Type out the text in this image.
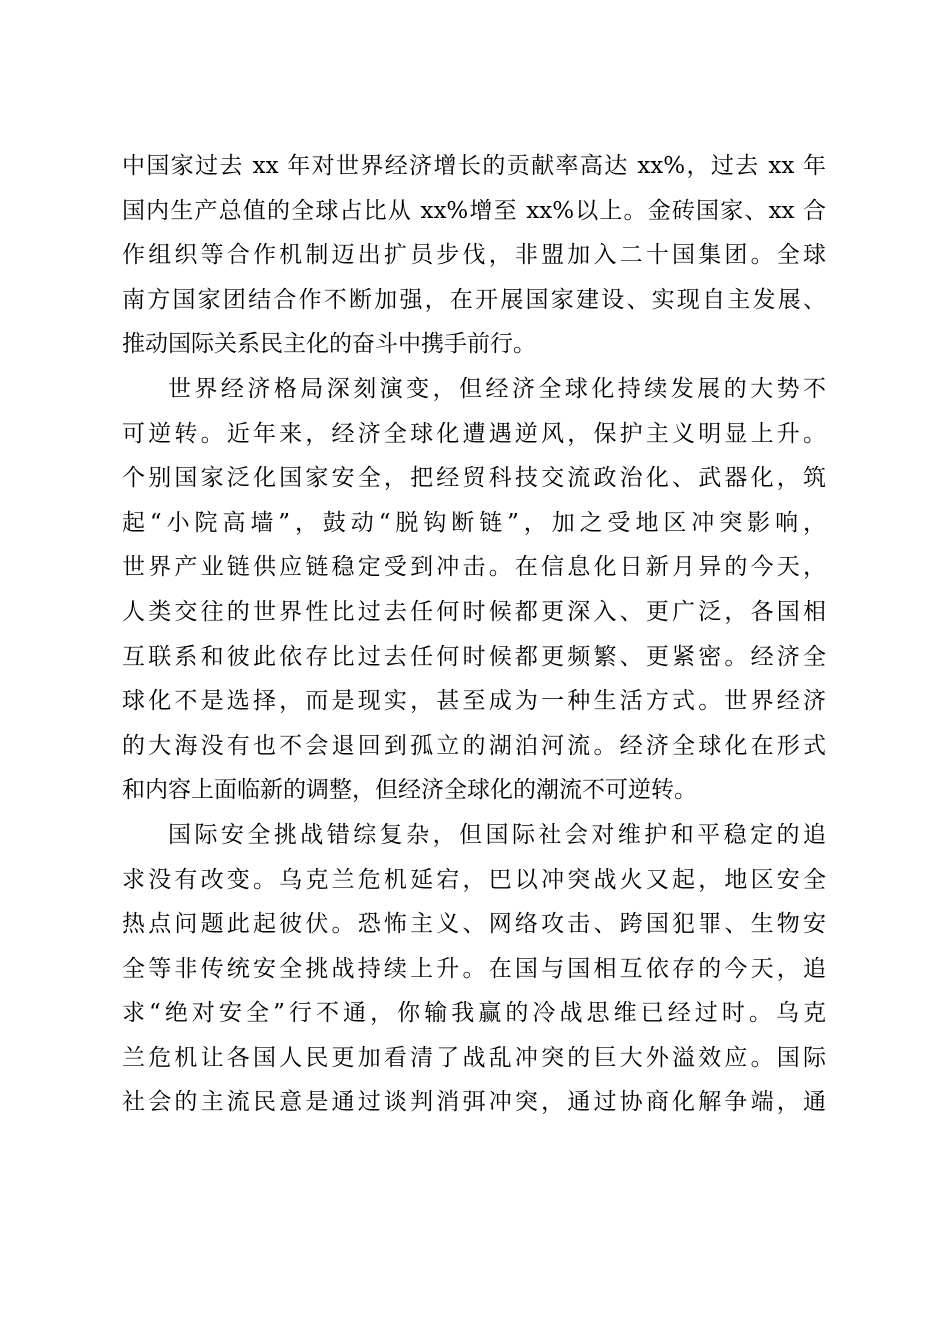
中国家过去 xx 年对世界经济增长的贡献率高达 xx%，过去 xx 年
国内生产总值的全球占比从 xx%增至 xx%以上。金砖国家、xx 合
作组织等合作机制迈出扩员步伐，非盟加入二十国集团。全球
南方国家团结合作不断加强，在开展国家建设、实现自主发展、
推动国际关系民主化的奋斗中携手前行。
世界经济格局深刻演变，但经济全球化持续发展的大势不
可逆转。近年来，经济全球化遭遇逆风，保护主义明显上升。
个别国家泛化国家安全，把经贸科技交流政治化、武器化，筑
起“小院高墙”，鼓动“脱钩断链”，加之受地区冲突影响，
世界产业链供应链稳定受到冲击。在信息化日新月异的今天，
人类交往的世界性比过去任何时候都更深入、更广泛，各国相
互联系和彼此依存比过去任何时候都更频繁、更紧密。经济全
球化不是选择，而是现实，甚至成为一种生活方式。世界经济
的大海没有也不会退回到孤立的湖泊河流。经济全球化在形式
和内容上面临新的调整，但经济全球化的潮流不可逆转。
国际安全挑战错综复杂，但国际社会对维护和平稳定的追
求没有改变。乌克兰危机延宕，巴以冲突战火又起，地区安全
热点问题此起彼伏。恐怖主义、网络攻击、跨国犯罪、生物安
全等非传统安全挑战持续上升。在国与国相互依存的今天，追
求“绝对安全”行不通，你输我赢的冷战思维已经过时。乌克
兰危机让各国人民更加看清了战乱冲突的巨大外溢效应。国际
社会的主流民意是通过谈判消弭冲突，通过协商化解争端，通
